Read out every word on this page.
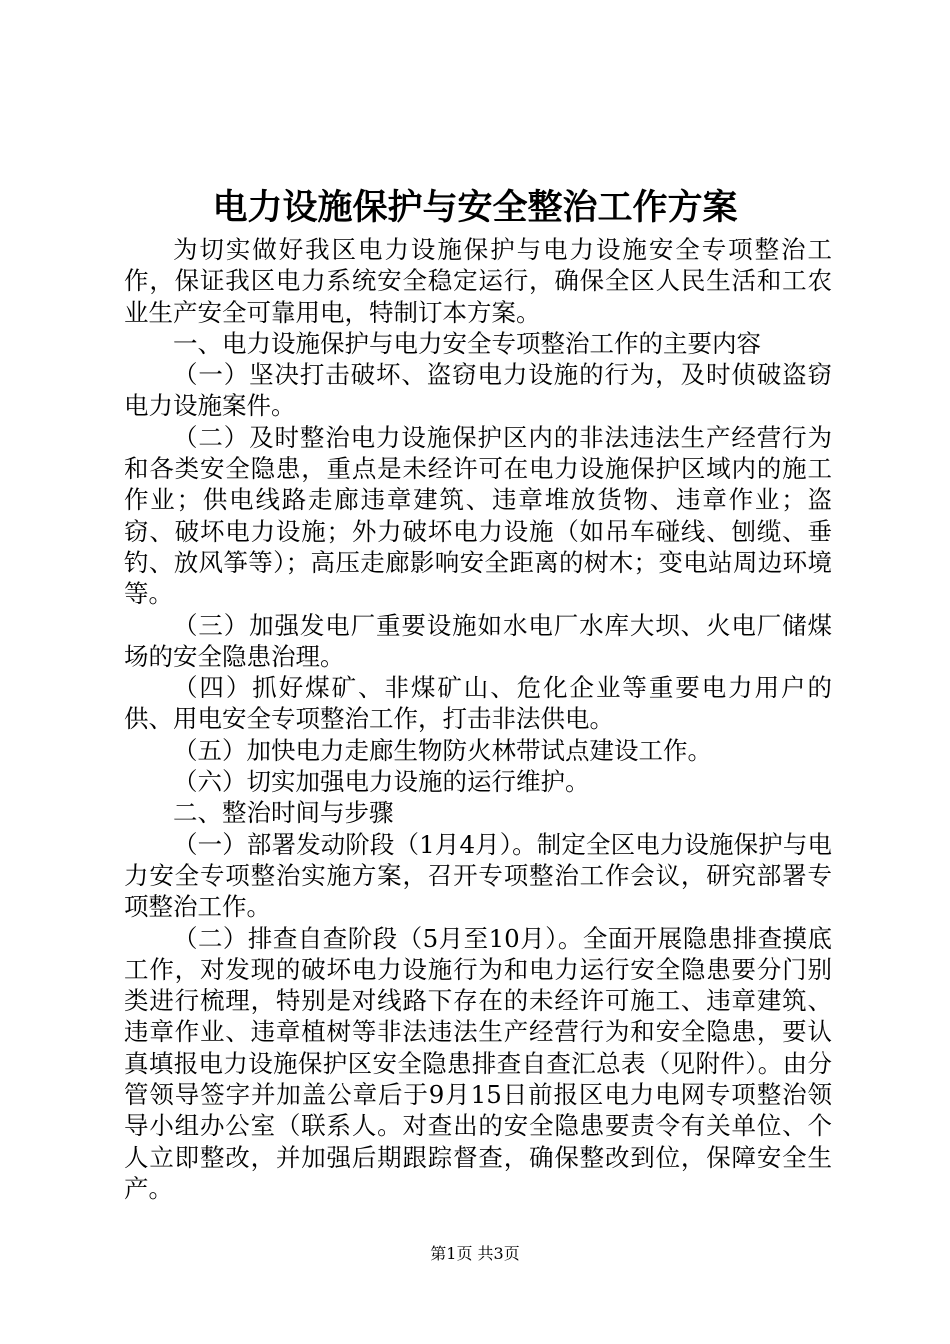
电力设施保护与安全整治工作方案

为切实做好我区电力设施保护与电力设施安全专项整治工作，保证我区电力系统安全稳定运行，确保全区人民生活和工农业生产安全可靠用电，特制订本方案。

一、电力设施保护与电力安全专项整治工作的主要内容

（一）坚决打击破坏、盗窃电力设施的行为，及时侦破盗窃电力设施案件。

（二）及时整治电力设施保护区内的非法违法生产经营行为和各类安全隐患，重点是未经许可在电力设施保护区域内的施工作业；供电线路走廊违章建筑、违章堆放货物、违章作业；盗窃、破坏电力设施；外力破坏电力设施（如吊车碰线、刨缆、垂钓、放风筝等）；高压走廊影响安全距离的树木；变电站周边环境等。

（三）加强发电厂重要设施如水电厂水库大坝、火电厂储煤场的安全隐患治理。

（四）抓好煤矿、非煤矿山、危化企业等重要电力用户的供、用电安全专项整治工作，打击非法供电。

（五）加快电力走廊生物防火林带试点建设工作。

（六）切实加强电力设施的运行维护。

二、整治时间与步骤

（一）部署发动阶段（1月4月）。制定全区电力设施保护与电力安全专项整治实施方案，召开专项整治工作会议，研究部署专项整治工作。

（二）排查自查阶段（5月至10月）。全面开展隐患排查摸底工作，对发现的破坏电力设施行为和电力运行安全隐患要分门别类进行梳理，特别是对线路下存在的未经许可施工、违章建筑、违章作业、违章植树等非法违法生产经营行为和安全隐患，要认真填报电力设施保护区安全隐患排查自查汇总表（见附件）。由分管领导签字并加盖公章后于9月15日前报区电力电网专项整治领导小组办公室（联系人。对查出的安全隐患要责令有关单位、个人立即整改，并加强后期跟踪督查，确保整改到位，保障安全生产。

第1页 共3页
